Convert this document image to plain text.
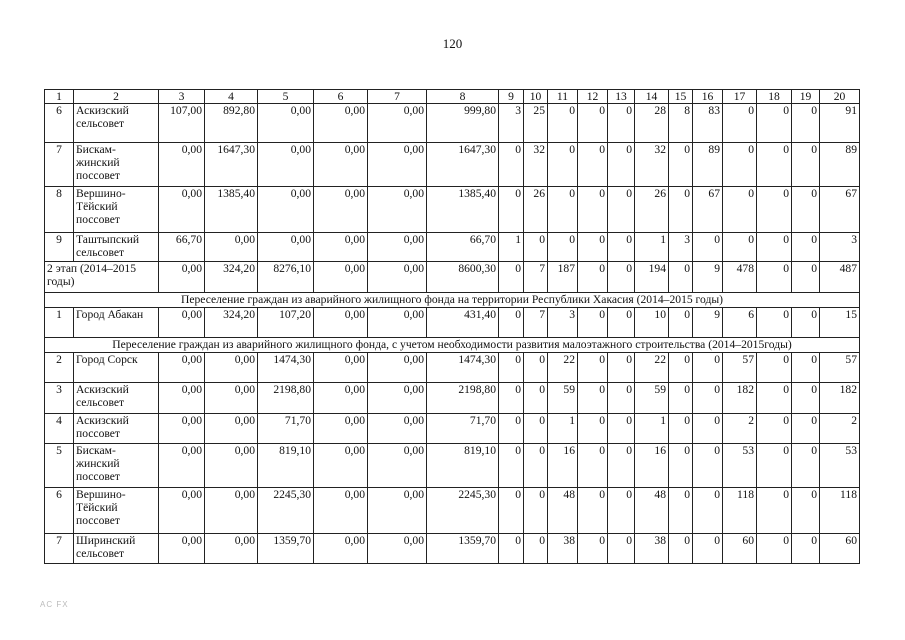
120
1	2	3	4	5	6	7	8	9	10	11	12	13	14	15	16	17	18	19	20
6	Аскизский сельсовет	107,00	892,80	0,00	0,00	0,00	999,80	3	25	0	0	0	28	8	83	0	0	0	91
7	Бискам-жинский поссовет	0,00	1647,30	0,00	0,00	0,00	1647,30	0	32	0	0	0	32	0	89	0	0	0	89
8	Вершино-Тёйский поссовет	0,00	1385,40	0,00	0,00	0,00	1385,40	0	26	0	0	0	26	0	67	0	0	0	67
9	Таштыпский сельсовет	66,70	0,00	0,00	0,00	0,00	66,70	1	0	0	0	0	1	3	0	0	0	0	3
2 этап (2014–2015 годы)		0,00	324,20	8276,10	0,00	0,00	8600,30	0	7	187	0	0	194	0	9	478	0	0	487
Переселение граждан из аварийного жилищного фонда на территории Республики Хакасия (2014–2015 годы)																			
1	Город Абакан	0,00	324,20	107,20	0,00	0,00	431,40	0	7	3	0	0	10	0	9	6	0	0	15
Переселение граждан из аварийного жилищного фонда, с учетом необходимости развития малоэтажного строительства (2014–2015годы)																			
2	Город Сорск	0,00	0,00	1474,30	0,00	0,00	1474,30	0	0	22	0	0	22	0	0	57	0	0	57
3	Аскизский сельсовет	0,00	0,00	2198,80	0,00	0,00	2198,80	0	0	59	0	0	59	0	0	182	0	0	182
4	Аскизский поссовет	0,00	0,00	71,70	0,00	0,00	71,70	0	0	1	0	0	1	0	0	2	0	0	2
5	Бискам-жинский поссовет	0,00	0,00	819,10	0,00	0,00	819,10	0	0	16	0	0	16	0	0	53	0	0	53
6	Вершино-Тёйский поссовет	0,00	0,00	2245,30	0,00	0,00	2245,30	0	0	48	0	0	48	0	0	118	0	0	118
7	Ширинский сельсовет	0,00	0,00	1359,70	0,00	0,00	1359,70	0	0	38	0	0	38	0	0	60	0	0	60
AC FX
